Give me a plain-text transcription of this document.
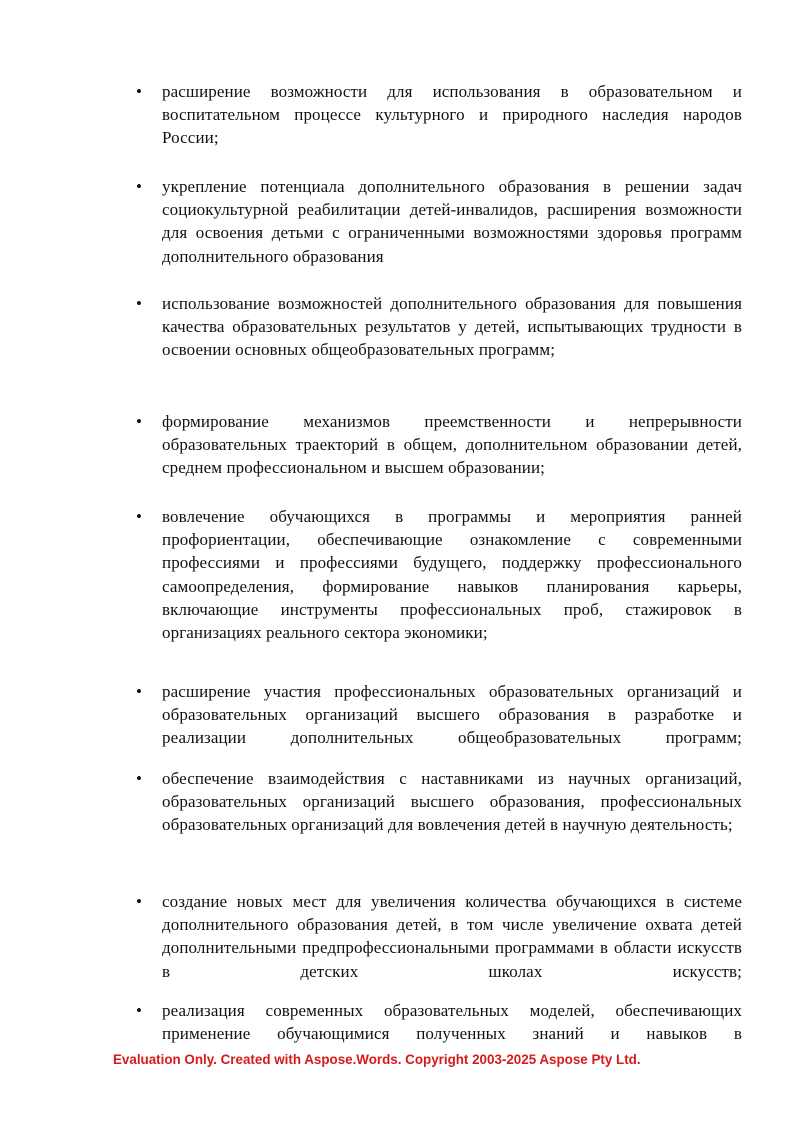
• расширение возможности для использования в образовательном и воспитательном процессе культурного и природного наследия народов России;
• укрепление потенциала дополнительного образования в решении задач социокультурной реабилитации детей-инвалидов, расширения возможности для освоения детьми с ограниченными возможностями здоровья программ дополнительного образования
• использование возможностей дополнительного образования для повышения качества образовательных результатов у детей, испытывающих трудности в освоении основных общеобразовательных программ;
• формирование механизмов преемственности и непрерывности образовательных траекторий в общем, дополнительном образовании детей, среднем профессиональном и высшем образовании;
• вовлечение обучающихся в программы и мероприятия ранней профориентации, обеспечивающие ознакомление с современными профессиями и профессиями будущего, поддержку профессионального самоопределения, формирование навыков планирования карьеры, включающие инструменты профессиональных проб, стажировок в организациях реального сектора экономики;
• расширение участия профессиональных образовательных организаций и образовательных организаций высшего образования в разработке и реализации дополнительных общеобразовательных программ;
• обеспечение взаимодействия с наставниками из научных организаций, образовательных организаций высшего образования, профессиональных образовательных организаций для вовлечения детей в научную деятельность;
• создание новых мест для увеличения количества обучающихся в системе дополнительного образования детей, в том числе увеличение охвата детей дополнительными предпрофессиональными программами в области искусств в детских школах искусств;
• реализация современных образовательных моделей, обеспечивающих применение обучающимися полученных знаний и навыков в
Evaluation Only. Created with Aspose.Words. Copyright 2003-2025 Aspose Pty Ltd.
